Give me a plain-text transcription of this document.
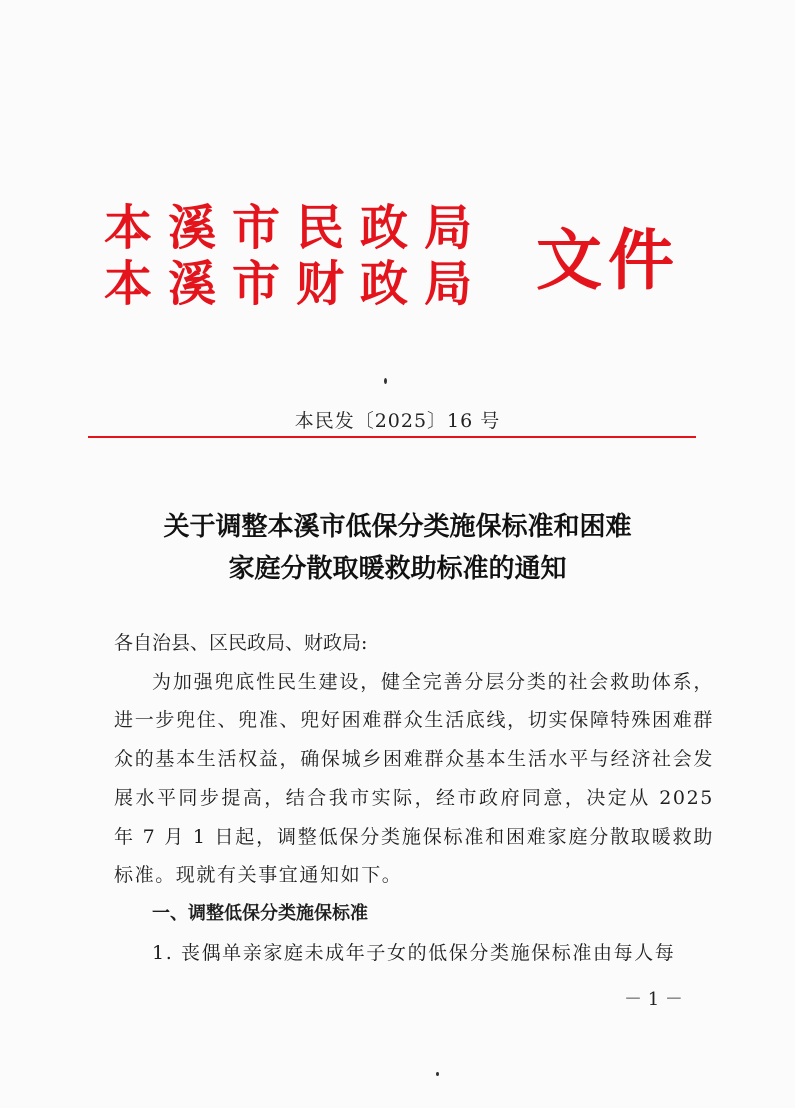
本溪市民政局
本溪市财政局 文件
本民发〔2025〕16 号
关于调整本溪市低保分类施保标准和困难
家庭分散取暖救助标准的通知
各自治县、区民政局、财政局:
为加强兜底性民生建设，健全完善分层分类的社会救助体系，进一步兜住、兜准、兜好困难群众生活底线，切实保障特殊困难群众的基本生活权益，确保城乡困难群众基本生活水平与经济社会发展水平同步提高，结合我市实际，经市政府同意，决定从 2025 年 7 月 1 日起，调整低保分类施保标准和困难家庭分散取暖救助标准。现就有关事宜通知如下。
一、调整低保分类施保标准
1. 丧偶单亲家庭未成年子女的低保分类施保标准由每人每
－ 1 －
